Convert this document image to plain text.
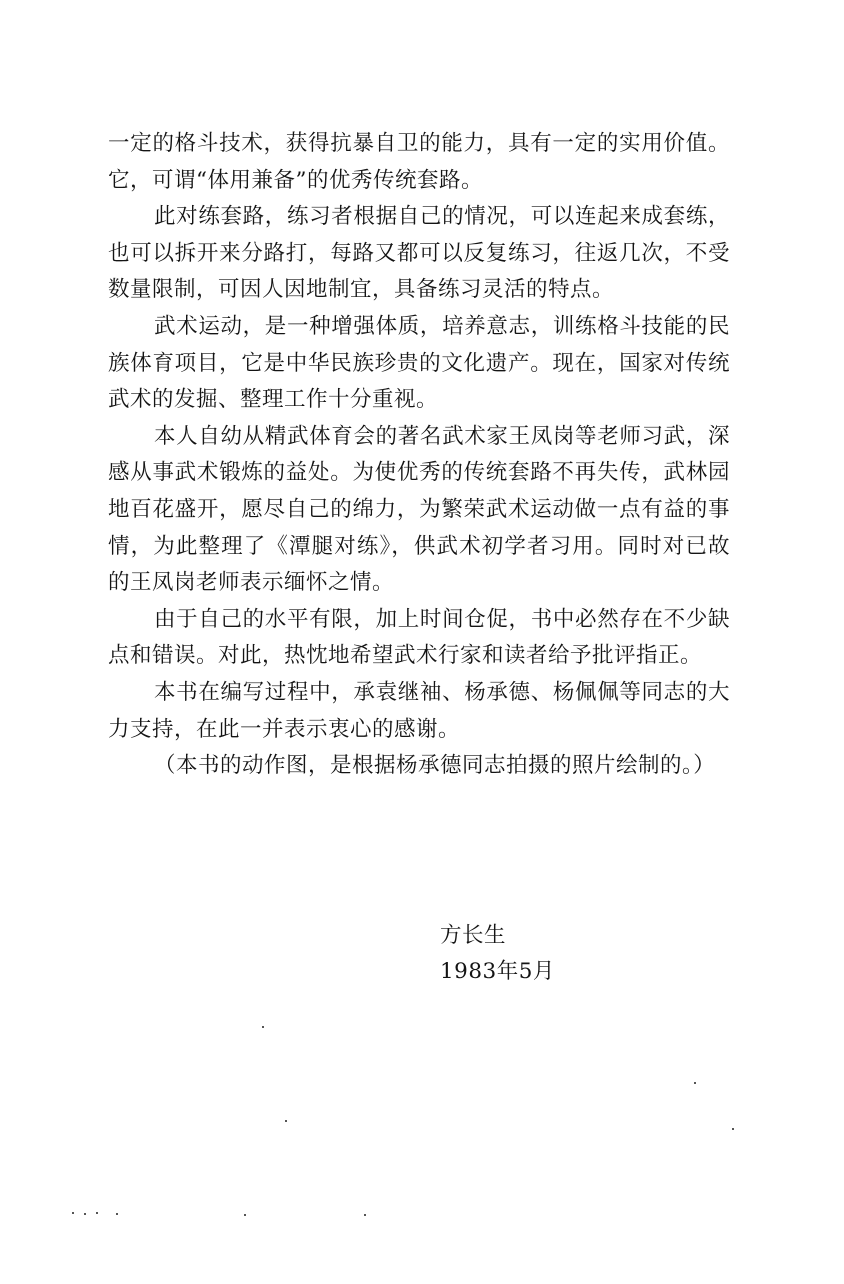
一定的格斗技术，获得抗暴自卫的能力，具有一定的实用价值。它，可谓“体用兼备”的优秀传统套路。

此对练套路，练习者根据自己的情况，可以连起来成套练，也可以拆开来分路打，每路又都可以反复练习，往返几次，不受数量限制，可因人因地制宜，具备练习灵活的特点。

武术运动，是一种增强体质，培养意志，训练格斗技能的民族体育项目，它是中华民族珍贵的文化遗产。现在，国家对传统武术的发掘、整理工作十分重视。

本人自幼从精武体育会的著名武术家王凤岗等老师习武，深感从事武术锻炼的益处。为使优秀的传统套路不再失传，武林园地百花盛开，愿尽自己的绵力，为繁荣武术运动做一点有益的事情，为此整理了《潭腿对练》，供武术初学者习用。同时对已故的王凤岗老师表示缅怀之情。

由于自己的水平有限，加上时间仓促，书中必然存在不少缺点和错误。对此，热忱地希望武术行家和读者给予批评指正。

本书在编写过程中，承袁继袖、杨承德、杨佩佩等同志的大力支持，在此一并表示衷心的感谢。

（本书的动作图，是根据杨承德同志拍摄的照片绘制的。）

方长生
1983年5月
